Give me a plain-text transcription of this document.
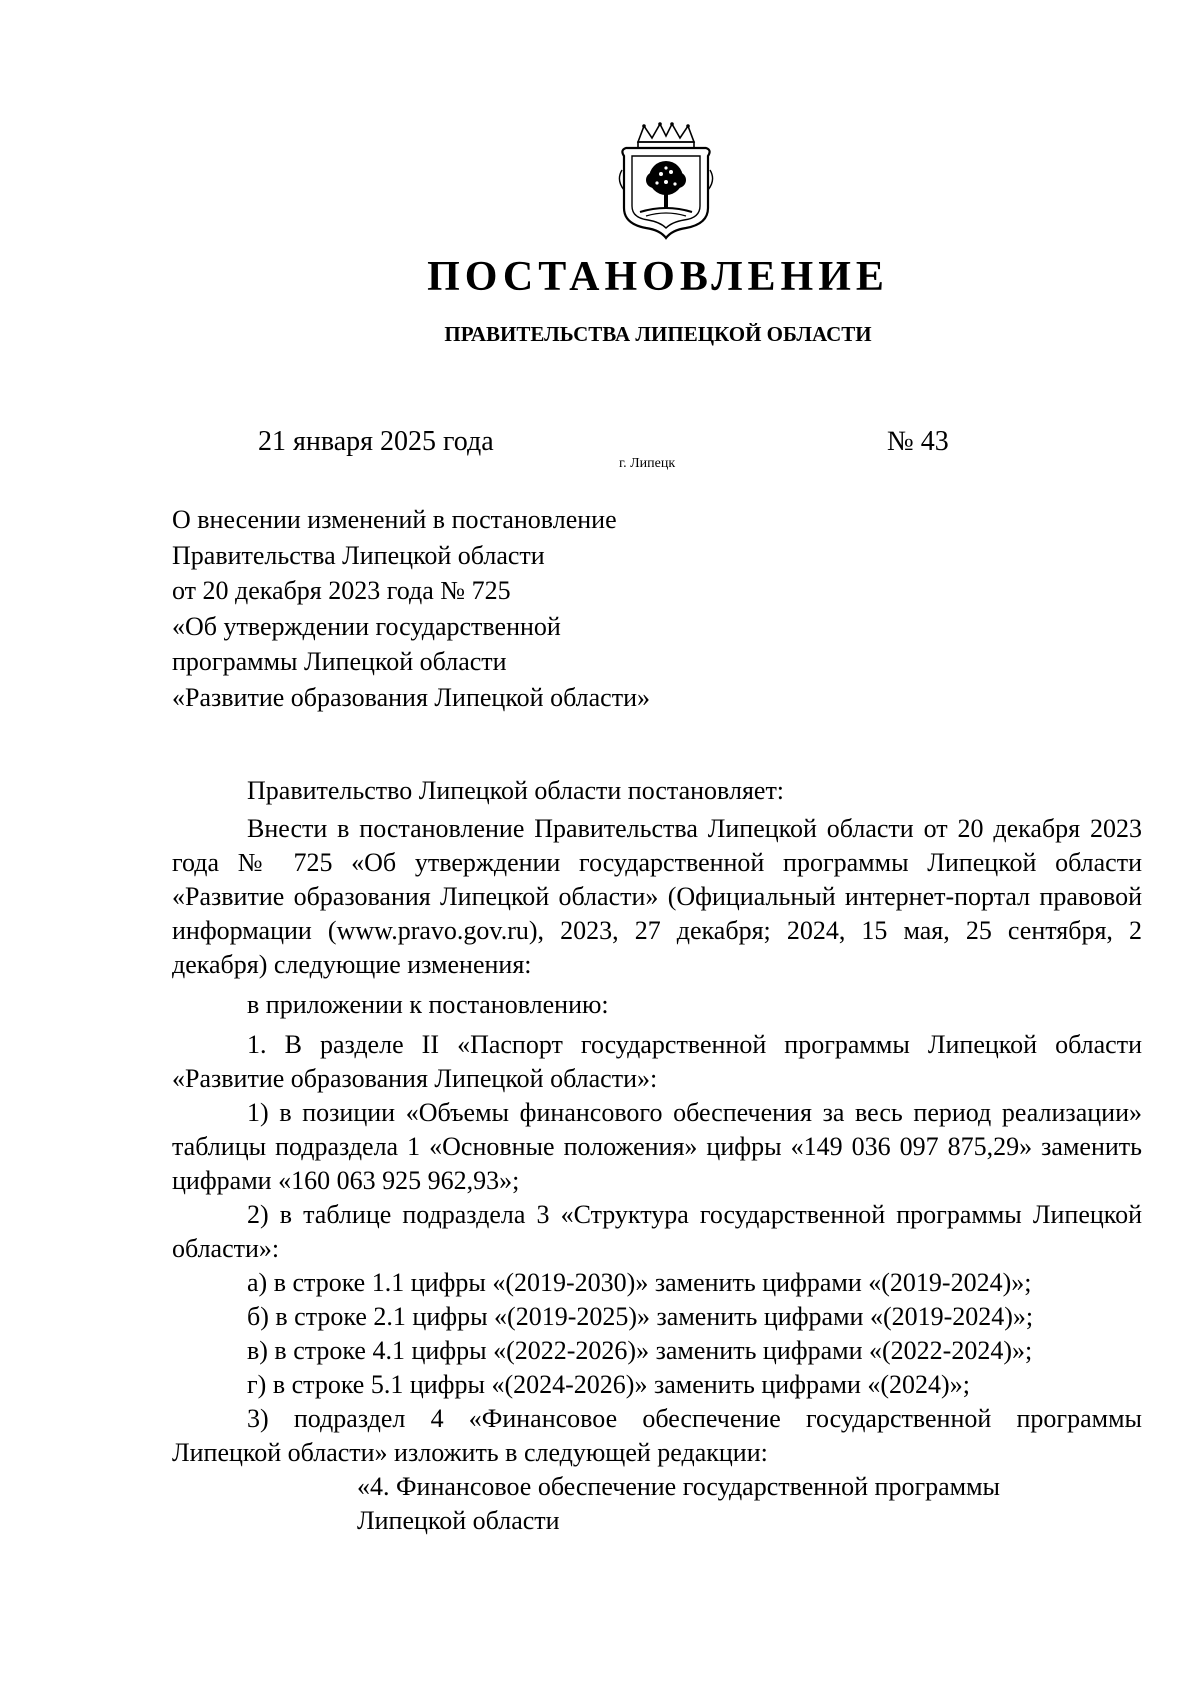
ПОСТАНОВЛЕНИЕ
ПРАВИТЕЛЬСТВА ЛИПЕЦКОЙ ОБЛАСТИ
21 января 2025 года
г. Липецк
№ 43
О внесении изменений в постановление
Правительства Липецкой области
от 20 декабря 2023 года № 725
«Об утверждении государственной
программы Липецкой области
«Развитие образования Липецкой области»

Правительство Липецкой области постановляет:

Внести в постановление Правительства Липецкой области от 20 декабря 2023 года № 725 «Об утверждении государственной программы Липецкой области «Развитие образования Липецкой области» (Официальный интернет-портал правовой информации (www.pravo.gov.ru), 2023, 27 декабря; 2024, 15 мая, 25 сентября, 2 декабря) следующие изменения:

в приложении к постановлению:

1. В разделе II «Паспорт государственной программы Липецкой области «Развитие образования Липецкой области»:

1) в позиции «Объемы финансового обеспечения за весь период реализации» таблицы подраздела 1 «Основные положения» цифры «149 036 097 875,29» заменить цифрами «160 063 925 962,93»;

2) в таблице подраздела 3 «Структура государственной программы Липецкой области»:

а) в строке 1.1 цифры «(2019-2030)» заменить цифрами «(2019-2024)»;

б) в строке 2.1 цифры «(2019-2025)» заменить цифрами «(2019-2024)»;

в) в строке 4.1 цифры «(2022-2026)» заменить цифрами «(2022-2024)»;

г) в строке 5.1 цифры «(2024-2026)» заменить цифрами «(2024)»;

3) подраздел 4 «Финансовое обеспечение государственной программы Липецкой области» изложить в следующей редакции:

«4. Финансовое обеспечение государственной программы

Липецкой области
